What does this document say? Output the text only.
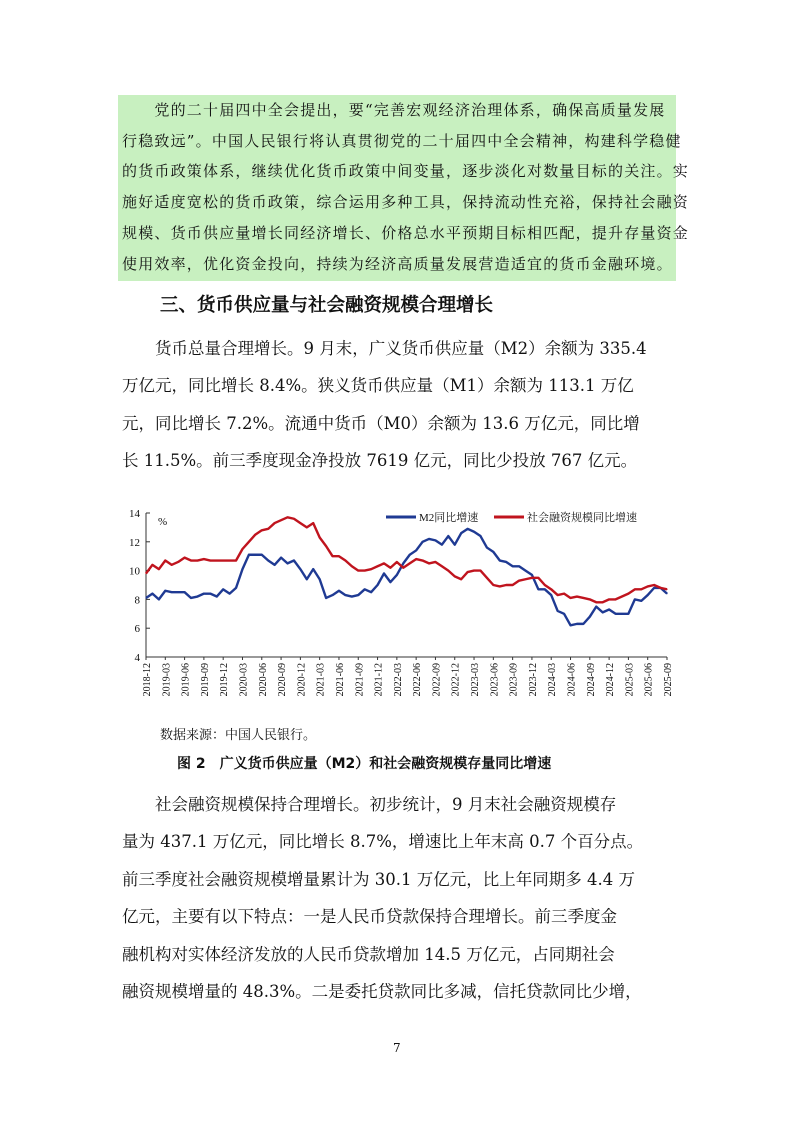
　　党的二十届四中全会提出，要“完善宏观经济治理体系，确保高质量发展
行稳致远”。中国人民银行将认真贯彻党的二十届四中全会精神，构建科学稳健
的货币政策体系，继续优化货币政策中间变量，逐步淡化对数量目标的关注。实
施好适度宽松的货币政策，综合运用多种工具，保持流动性充裕，保持社会融资
规模、货币供应量增长同经济增长、价格总水平预期目标相匹配，提升存量资金
使用效率，优化资金投向，持续为经济高质量发展营造适宜的货币金融环境。
三、货币供应量与社会融资规模合理增长
　　货币总量合理增长。9 月末，广义货币供应量（M2）余额为 335.4
万亿元，同比增长 8.4%。狭义货币供应量（M1）余额为 113.1 万亿
元，同比增长 7.2%。流通中货币（M0）余额为 13.6 万亿元，同比增
长 11.5%。前三季度现金净投放 7619 亿元，同比少投放 767 亿元。
4
6
8
10
12
14
%
2018-12 2019-03 2019-06 2019-09 2019-12 2020-03 2020-06 2020-09 2020-12 2021-03 2021-06 2021-09 2021-12 2022-03 2022-06 2022-09 2022-12 2023-03 2023-06 2023-09 2023-12 2024-03 2024-06 2024-09 2024-12 2025-03 2025-06 2025-09
M2同比增速	社会融资规模同比增速
数据来源：中国人民银行。
图 2　广义货币供应量（M2）和社会融资规模存量同比增速
　　社会融资规模保持合理增长。初步统计，9 月末社会融资规模存
量为 437.1 万亿元，同比增长 8.7%，增速比上年末高 0.7 个百分点。
前三季度社会融资规模增量累计为 30.1 万亿元，比上年同期多 4.4 万
亿元，主要有以下特点：一是人民币贷款保持合理增长。前三季度金
融机构对实体经济发放的人民币贷款增加 14.5 万亿元，占同期社会
融资规模增量的 48.3%。二是委托贷款同比多减，信托贷款同比少增，
7
